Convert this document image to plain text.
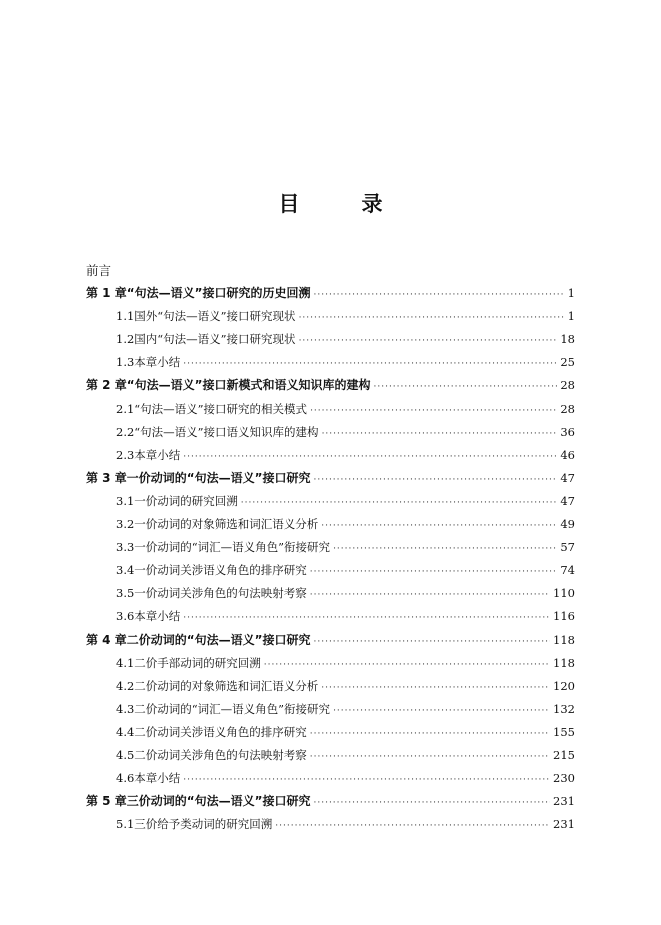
目	录
前言
第 1 章 “句法—语义”接口研究的历史回溯 ·····	1
1.1 国外“句法—语义”接口研究现状 ·····	1
1.2 国内“句法—语义”接口研究现状 ·····	18
1.3 本章小结 ·····	25
第 2 章 “句法—语义”接口新模式和语义知识库的建构 ·····	28
2.1 “句法—语义”接口研究的相关模式 ·····	28
2.2 “句法—语义”接口语义知识库的建构 ·····	36
2.3 本章小结 ·····	46
第 3 章 一价动词的“句法—语义”接口研究 ·····	47
3.1 一价动词的研究回溯 ·····	47
3.2 一价动词的对象筛选和词汇语义分析 ·····	49
3.3 一价动词的“词汇—语义角色”衔接研究 ·····	57
3.4 一价动词关涉语义角色的排序研究 ·····	74
3.5 一价动词关涉角色的句法映射考察 ·····	110
3.6 本章小结 ·····	116
第 4 章 二价动词的“句法—语义”接口研究 ·····	118
4.1 二价手部动词的研究回溯 ·····	118
4.2 二价动词的对象筛选和词汇语义分析 ·····	120
4.3 二价动词的“词汇—语义角色”衔接研究 ·····	132
4.4 二价动词关涉语义角色的排序研究 ·····	155
4.5 二价动词关涉角色的句法映射考察 ·····	215
4.6 本章小结 ·····	230
第 5 章 三价动词的“句法—语义”接口研究 ·····	231
5.1 三价给予类动词的研究回溯 ·····	231
